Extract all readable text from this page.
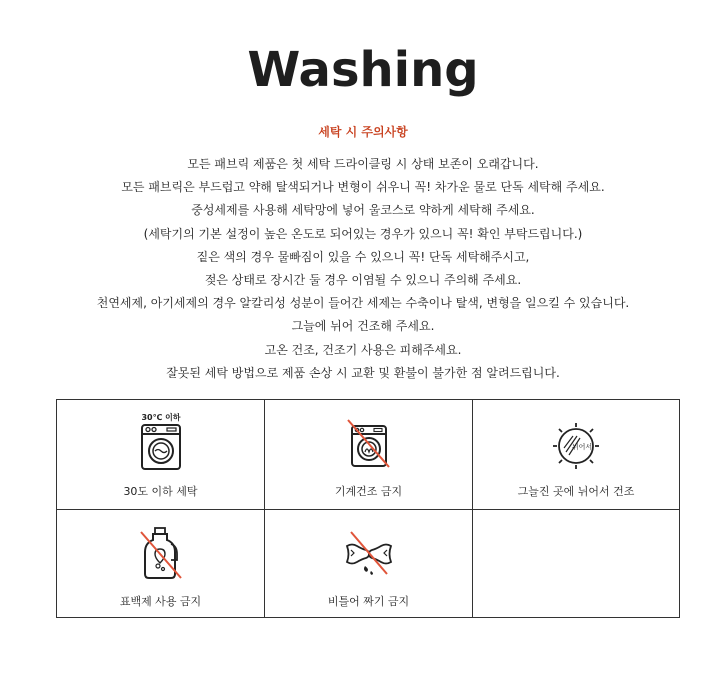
Washing
세탁 시 주의사항
모든 패브릭 제품은 첫 세탁 드라이클링 시 상태 보존이 오래갑니다.
모든 패브릭은 부드럽고 약해 탈색되거나 변형이 쉬우니 꼭! 차가운 물로 단독 세탁해 주세요.
중성세제를 사용해 세탁망에 넣어 울코스로 약하게 세탁해 주세요.
(세탁기의 기본 설정이 높은 온도로 되어있는 경우가 있으니 꼭! 확인 부탁드립니다.)
짙은 색의 경우 물빠짐이 있을 수 있으니 꼭! 단독 세탁해주시고,
젖은 상태로 장시간 둘 경우 이염될 수 있으니 주의해 주세요.
천연세제, 아기세제의 경우 알칼리성 성분이 들어간 세제는 수축이나 탈색, 변형을 일으킬 수 있습니다.
그늘에 뉘어 건조해 주세요.
고온 건조, 건조기 사용은 피해주세요.
잘못된 세탁 방법으로 제품 손상 시 교환 및 환불이 불가한 점 알려드립니다.
30℃ 이하
30도 이하 세탁	기계건조 금지
뉘어서
그늘진 곳에 뉘어서 건조
표백제 사용 금지	비틀어 짜기 금지
